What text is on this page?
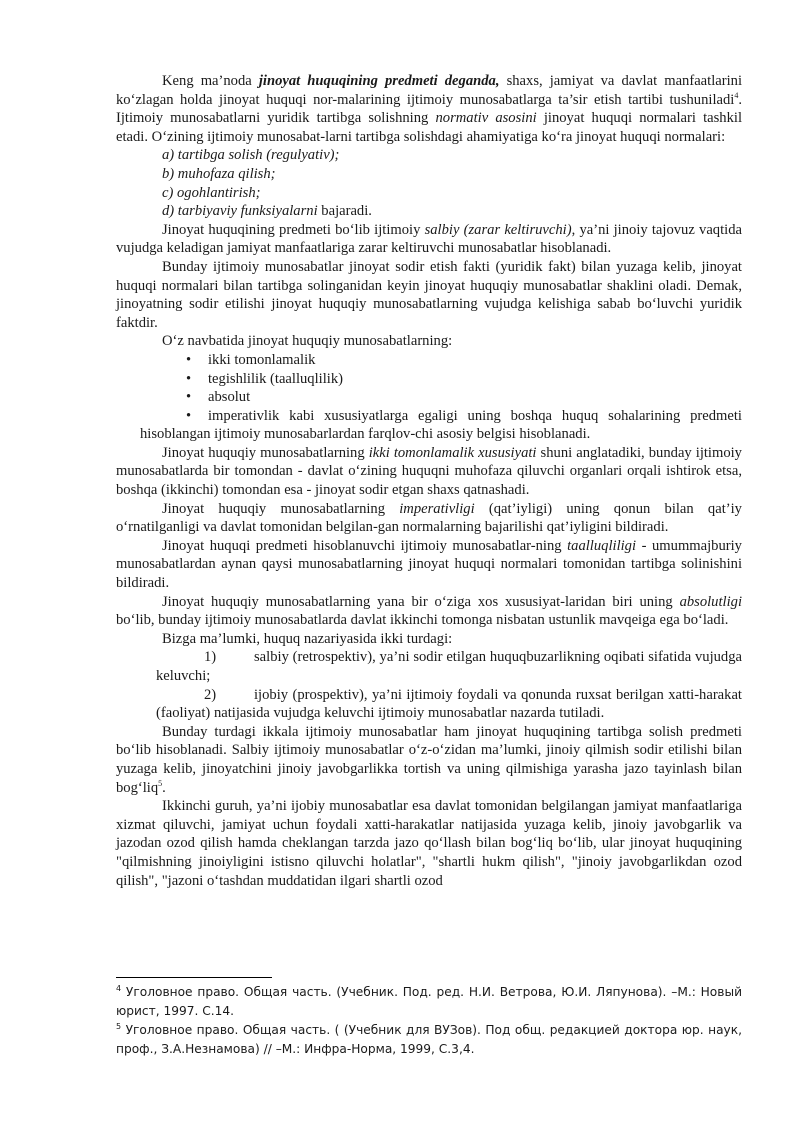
Keng ma’noda jinoyat huquqining predmeti deganda, shaxs, jamiyat va davlat manfaatlarini ko‘zlagan holda jinoyat huquqi nor-malarining ijtimoiy munosabatlarga ta’sir etish tartibi tushuniladi$^4$. Ijtimoiy munosabatlarni yuridik tartibga solishning normativ asosini jinoyat huquqi normalari tashkil etadi. O‘zining ijtimoiy munosabat-larni tartibga solishdagi ahamiyatiga ko‘ra jinoyat huquqi normalari:

a) tartibga solish (regulyativ);

b) muhofaza qilish;

c) ogohlantirish;

d) tarbiyaviy funksiyalarni bajaradi.

Jinoyat huquqining predmeti bo‘lib ijtimoiy salbiy (zarar keltiruvchi), ya’ni jinoiy tajovuz vaqtida vujudga keladigan jamiyat manfaatlariga zarar keltiruvchi munosabatlar hisoblanadi.

Bunday ijtimoiy munosabatlar jinoyat sodir etish fakti (yuridik fakt) bilan yuzaga kelib, jinoyat huquqi normalari bilan tartibga solinganidan keyin jinoyat huquqiy munosabatlar shaklini oladi. Demak, jinoyatning sodir etilishi jinoyat huquqiy munosabatlarning vujudga kelishiga sabab bo‘luvchi yuridik faktdir.

O‘z navbatida jinoyat huquqiy munosabatlarning:

• ikki tomonlamalik

• tegishlilik (taalluqlilik)

• absolut

• imperativlik kabi xususiyatlarga egaligi uning boshqa huquq sohalarining predmeti hisoblangan ijtimoiy munosabarlardan farqlov-chi asosiy belgisi hisoblanadi.

Jinoyat huquqiy munosabatlarning ikki tomonlamalik xususiyati shuni anglatadiki, bunday ijtimoiy munosabatlarda bir tomondan - davlat o‘zining huquqni muhofaza qiluvchi organlari orqali ishtirok etsa, boshqa (ikkinchi) tomondan esa - jinoyat sodir etgan shaxs qatnashadi.

Jinoyat huquqiy munosabatlarning imperativligi (qat’iyligi) uning qonun bilan qat’iy o‘rnatilganligi va davlat tomonidan belgilan-gan normalarning bajarilishi qat’iyligini bildiradi.

Jinoyat huquqi predmeti hisoblanuvchi ijtimoiy munosabatlar-ning taalluqliligi - umummajburiy munosabatlardan aynan qaysi munosabatlarning jinoyat huquqi normalari tomonidan tartibga solinishini bildiradi.

Jinoyat huquqiy munosabatlarning yana bir o‘ziga xos xususiyat-laridan biri uning absolutligi bo‘lib, bunday ijtimoiy munosabatlarda davlat ikkinchi tomonga nisbatan ustunlik mavqeiga ega bo‘ladi.

Bizga ma’lumki, huquq nazariyasida ikki turdagi:

1)	salbiy (retrospektiv), ya’ni sodir etilgan huquqbuzarlikning oqibati sifatida vujudga keluvchi;

2)	ijobiy (prospektiv), ya’ni ijtimoiy foydali va qonunda ruxsat berilgan xatti-harakat (faoliyat) natijasida vujudga keluvchi ijtimoiy munosabatlar nazarda tutiladi.

Bunday turdagi ikkala ijtimoiy munosabatlar ham jinoyat huquqining tartibga solish predmeti bo‘lib hisoblanadi. Salbiy ijtimoiy munosabatlar o‘z-o‘zidan ma’lumki, jinoiy qilmish sodir etilishi bilan yuzaga kelib, jinoyatchini jinoiy javobgarlikka tortish va uning qilmishiga yarasha jazo tayinlash bilan bog‘liq$^5$.

Ikkinchi guruh, ya’ni ijobiy munosabatlar esa davlat tomonidan belgilangan jamiyat manfaatlariga xizmat qiluvchi, jamiyat uchun foydali xatti-harakatlar natijasida yuzaga kelib, jinoiy javobgarlik va jazodan ozod qilish hamda cheklangan tarzda jazo qo‘llash bilan bog‘liq bo‘lib, ular jinoyat huquqining "qilmishning jinoiyligini istisno qiluvchi holatlar", "shartli hukm qilish", "jinoiy javobgarlikdan ozod qilish", "jazoni o‘tashdan muddatidan ilgari shartli ozod

$^4$ Уголовное право. Общая часть. (Учебник. Под. ред. Н.И. Ветрова, Ю.И. Ляпунова). –М.: Новый юрист, 1997. С.14.

$^5$ Уголовное право. Общая часть. ( (Учебник для ВУЗов). Под общ. редакцией доктора юр. наук, проф., З.А.Незнамова) // –М.: Инфра-Норма, 1999, С.3,4.
